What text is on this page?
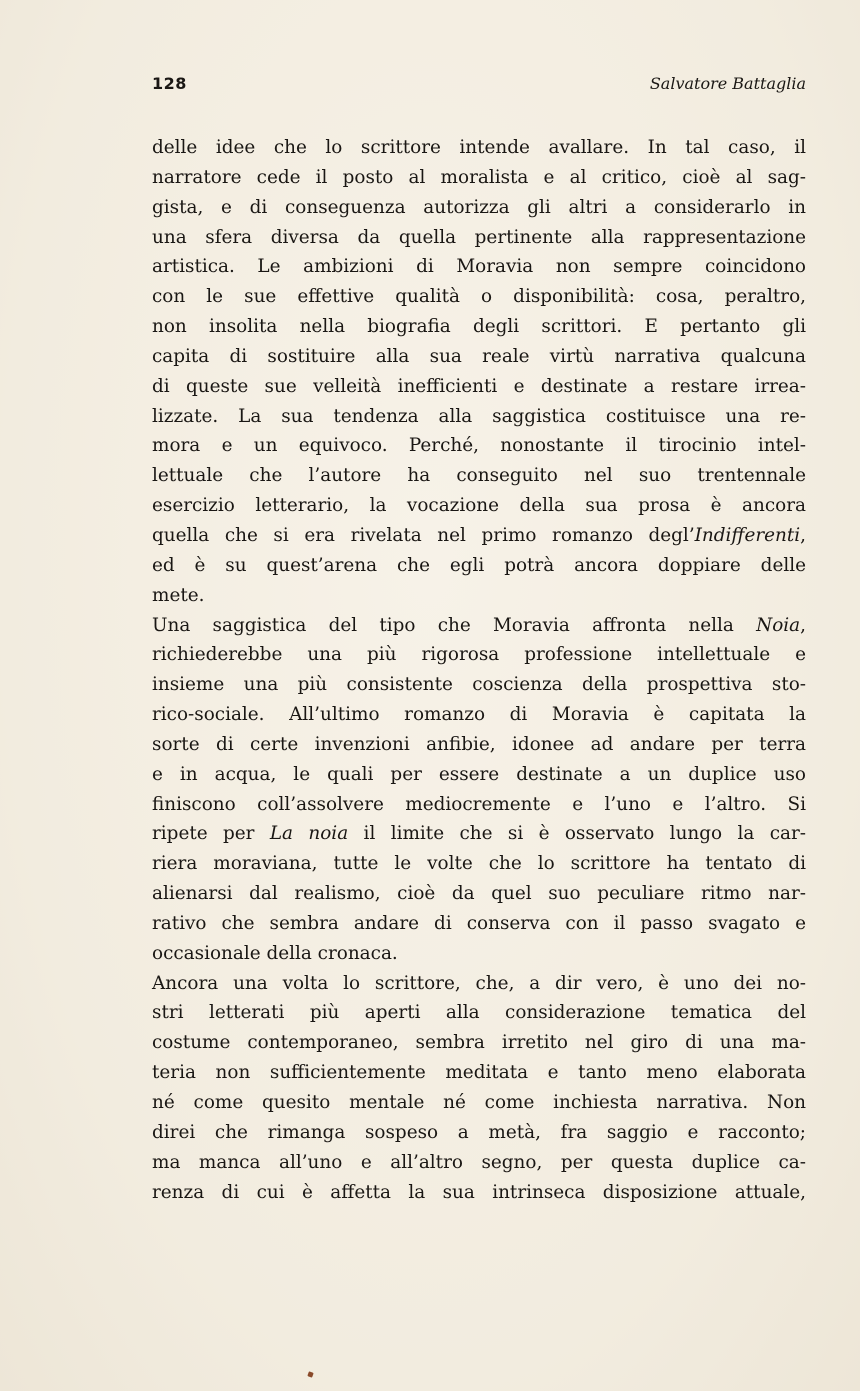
128	Salvatore Battaglia
delle idee che lo scrittore intende avallare. In tal caso, il
narratore cede il posto al moralista e al critico, cioè al sag-
gista, e di conseguenza autorizza gli altri a considerarlo in
una sfera diversa da quella pertinente alla rappresentazione
artistica. Le ambizioni di Moravia non sempre coincidono
con le sue effettive qualità o disponibilità: cosa, peraltro,
non insolita nella biografia degli scrittori. E pertanto gli
capita di sostituire alla sua reale virtù narrativa qualcuna
di queste sue velleità inefficienti e destinate a restare irrea-
lizzate. La sua tendenza alla saggistica costituisce una re-
mora e un equivoco. Perché, nonostante il tirocinio intel-
lettuale che l’autore ha conseguito nel suo trentennale
esercizio letterario, la vocazione della sua prosa è ancora
quella che si era rivelata nel primo romanzo degl’Indifferenti,
ed è su quest’arena che egli potrà ancora doppiare delle
mete.
Una saggistica del tipo che Moravia affronta nella Noia,
richiederebbe una più rigorosa professione intellettuale e
insieme una più consistente coscienza della prospettiva sto-
rico-sociale. All’ultimo romanzo di Moravia è capitata la
sorte di certe invenzioni anfibie, idonee ad andare per terra
e in acqua, le quali per essere destinate a un duplice uso
finiscono coll’assolvere mediocremente e l’uno e l’altro. Si
ripete per La noia il limite che si è osservato lungo la car-
riera moraviana, tutte le volte che lo scrittore ha tentato di
alienarsi dal realismo, cioè da quel suo peculiare ritmo nar-
rativo che sembra andare di conserva con il passo svagato e
occasionale della cronaca.
Ancora una volta lo scrittore, che, a dir vero, è uno dei no-
stri letterati più aperti alla considerazione tematica del
costume contemporaneo, sembra irretito nel giro di una ma-
teria non sufficientemente meditata e tanto meno elaborata
né come quesito mentale né come inchiesta narrativa. Non
direi che rimanga sospeso a metà, fra saggio e racconto;
ma manca all’uno e all’altro segno, per questa duplice ca-
renza di cui è affetta la sua intrinseca disposizione attuale,
